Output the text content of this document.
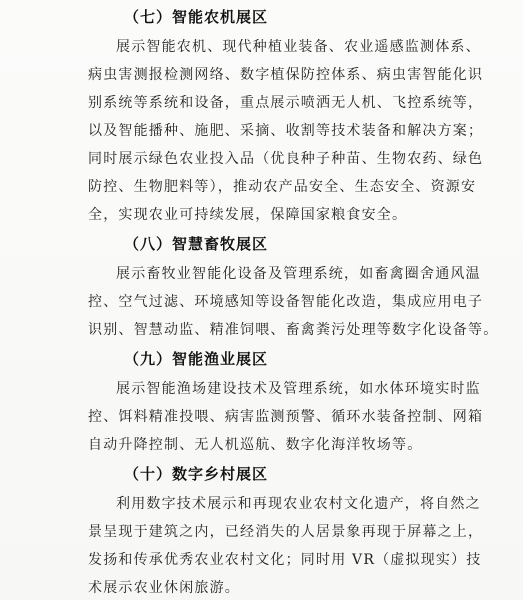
（七）智能农机展区
展示智能农机、现代种植业装备、农业遥感监测体系、
病虫害测报检测网络、数字植保防控体系、病虫害智能化识
别系统等系统和设备，重点展示喷洒无人机、飞控系统等，
以及智能播种、施肥、采摘、收割等技术装备和解决方案；
同时展示绿色农业投入品（优良种子种苗、生物农药、绿色
防控、生物肥料等），推动农产品安全、生态安全、资源安
全，实现农业可持续发展，保障国家粮食安全。
（八）智慧畜牧展区
展示畜牧业智能化设备及管理系统，如畜禽圈舍通风温
控、空气过滤、环境感知等设备智能化改造，集成应用电子
识别、智慧动监、精准饲喂、畜禽粪污处理等数字化设备等。
（九）智能渔业展区
展示智能渔场建设技术及管理系统，如水体环境实时监
控、饵料精准投喂、病害监测预警、循环水装备控制、网箱
自动升降控制、无人机巡航、数字化海洋牧场等。
（十）数字乡村展区
利用数字技术展示和再现农业农村文化遗产，将自然之
景呈现于建筑之内，已经消失的人居景象再现于屏幕之上，
发扬和传承优秀农业农村文化；同时用 VR（虚拟现实）技
术展示农业休闲旅游。
